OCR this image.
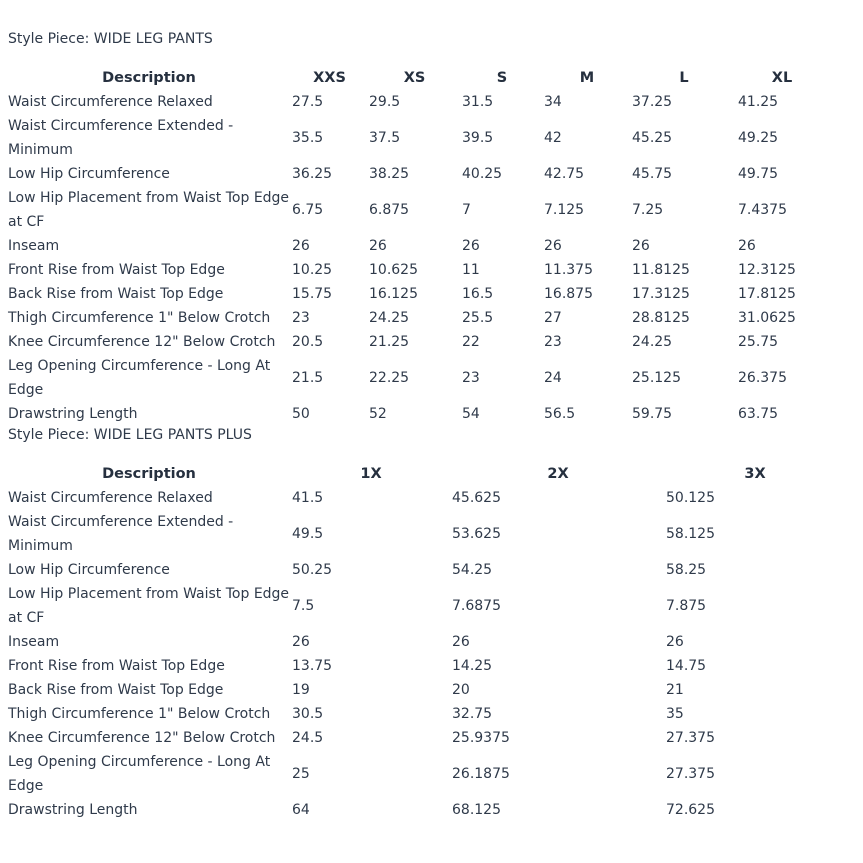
Style Piece: WIDE LEG PANTS
Description	XXS	XS	S	M	L	XL
Waist Circumference Relaxed	27.5	29.5	31.5	34	37.25	41.25
Waist Circumference Extended - Minimum	35.5	37.5	39.5	42	45.25	49.25
Low Hip Circumference	36.25	38.25	40.25	42.75	45.75	49.75
Low Hip Placement from Waist Top Edge at CF	6.75	6.875	7	7.125	7.25	7.4375
Inseam	26	26	26	26	26	26
Front Rise from Waist Top Edge	10.25	10.625	11	11.375	11.8125	12.3125
Back Rise from Waist Top Edge	15.75	16.125	16.5	16.875	17.3125	17.8125
Thigh Circumference 1" Below Crotch	23	24.25	25.5	27	28.8125	31.0625
Knee Circumference 12" Below Crotch	20.5	21.25	22	23	24.25	25.75
Leg Opening Circumference - Long At Edge	21.5	22.25	23	24	25.125	26.375
Drawstring Length	50	52	54	56.5	59.75	63.75
Style Piece: WIDE LEG PANTS PLUS
Description	1X	2X	3X
Waist Circumference Relaxed	41.5	45.625	50.125
Waist Circumference Extended - Minimum	49.5	53.625	58.125
Low Hip Circumference	50.25	54.25	58.25
Low Hip Placement from Waist Top Edge at CF	7.5	7.6875	7.875
Inseam	26	26	26
Front Rise from Waist Top Edge	13.75	14.25	14.75
Back Rise from Waist Top Edge	19	20	21
Thigh Circumference 1" Below Crotch	30.5	32.75	35
Knee Circumference 12" Below Crotch	24.5	25.9375	27.375
Leg Opening Circumference - Long At Edge	25	26.1875	27.375
Drawstring Length	64	68.125	72.625
